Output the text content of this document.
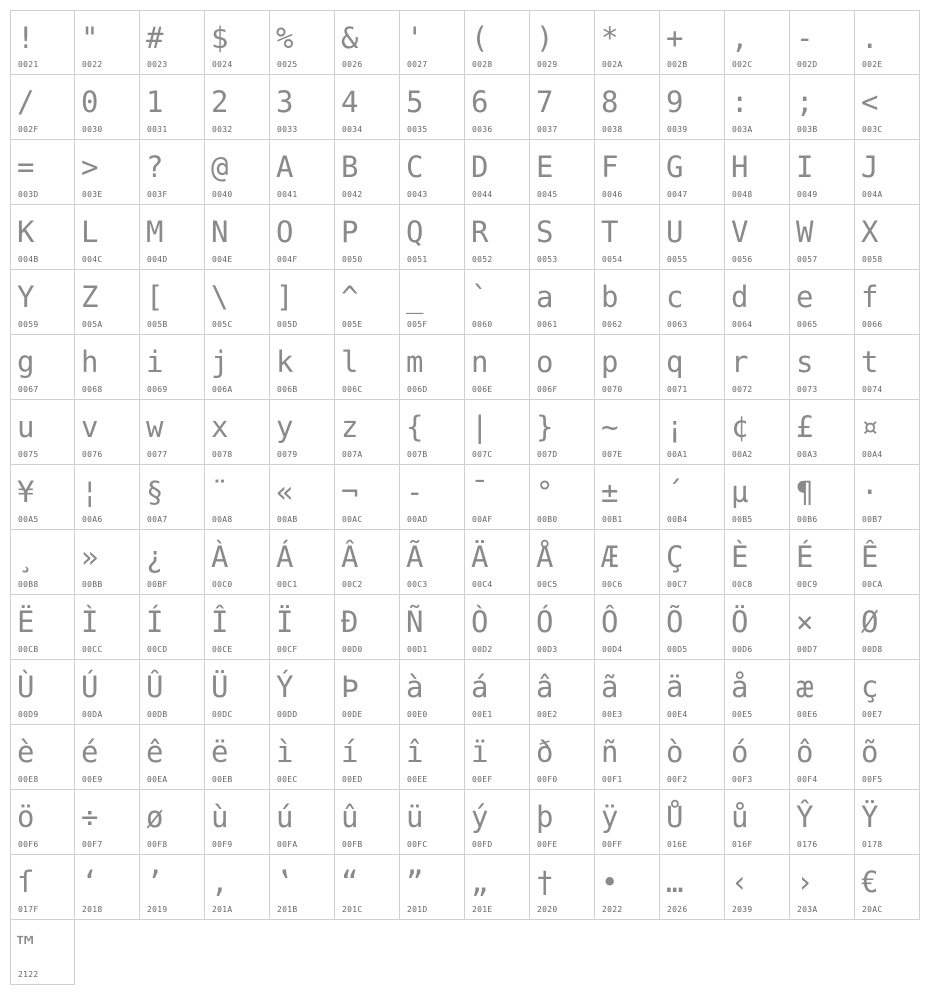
!
0021
"
0022
#
0023
$
0024
%
0025
&
0026
'
0027
(
0028
)
0029
*
002A
+
002B
,
002C
-
002D
.
002E
/
002F
0
0030
1
0031
2
0032
3
0033
4
0034
5
0035
6
0036
7
0037
8
0038
9
0039
:
003A
;
003B
<
003C
=
003D
>
003E
?
003F
@
0040
A
0041
B
0042
C
0043
D
0044
E
0045
F
0046
G
0047
H
0048
I
0049
J
004A
K
004B
L
004C
M
004D
N
004E
O
004F
P
0050
Q
0051
R
0052
S
0053
T
0054
U
0055
V
0056
W
0057
X
0058
Y
0059
Z
005A
[
005B
\
005C
]
005D
^
005E
_
005F
`
0060
a
0061
b
0062
c
0063
d
0064
e
0065
f
0066
g
0067
h
0068
i
0069
j
006A
k
006B
l
006C
m
006D
n
006E
o
006F
p
0070
q
0071
r
0072
s
0073
t
0074
u
0075
v
0076
w
0077
x
0078
y
0079
z
007A
{
007B
|
007C
}
007D
~
007E
¡
00A1
¢
00A2
£
00A3
¤
00A4
¥
00A5
¦
00A6
§
00A7
¨
00A8
«
00AB
¬
00AC
-
00AD
¯
00AF
°
00B0
±
00B1
´
00B4
µ
00B5
¶
00B6
·
00B7
¸
00B8
»
00BB
¿
00BF
À
00C0
Á
00C1
Â
00C2
Ã
00C3
Ä
00C4
Å
00C5
Æ
00C6
Ç
00C7
È
00C8
É
00C9
Ê
00CA
Ë
00CB
Ì
00CC
Í
00CD
Î
00CE
Ï
00CF
Ð
00D0
Ñ
00D1
Ò
00D2
Ó
00D3
Ô
00D4
Õ
00D5
Ö
00D6
×
00D7
Ø
00D8
Ù
00D9
Ú
00DA
Û
00DB
Ü
00DC
Ý
00DD
Þ
00DE
à
00E0
á
00E1
â
00E2
ã
00E3
ä
00E4
å
00E5
æ
00E6
ç
00E7
è
00E8
é
00E9
ê
00EA
ë
00EB
ì
00EC
í
00ED
î
00EE
ï
00EF
ð
00F0
ñ
00F1
ò
00F2
ó
00F3
ô
00F4
õ
00F5
ö
00F6
÷
00F7
ø
00F8
ù
00F9
ú
00FA
û
00FB
ü
00FC
ý
00FD
þ
00FE
ÿ
00FF
Ů
016E
ů
016F
Ŷ
0176
Ÿ
0178
ſ
017F
‘
2018
’
2019
‚
201A
‛
201B
“
201C
”
201D
„
201E
†
2020
•
2022
…
2026
‹
2039
›
203A
€
20AC
™
2122
